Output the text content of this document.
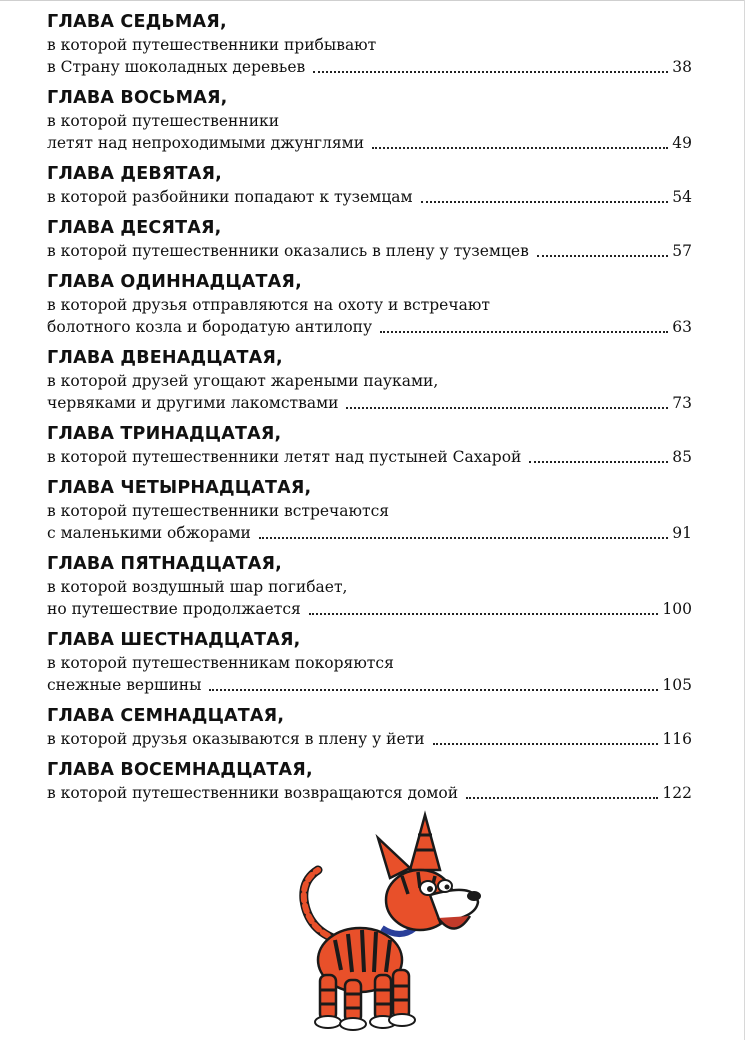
ГЛАВА СЕДЬМАЯ,
в которой путешественники прибывают
в Страну шоколадных деревьев	38
ГЛАВА ВОСЬМАЯ,
в которой путешественники
летят над непроходимыми джунглями	49
ГЛАВА ДЕВЯТАЯ,
в которой разбойники попадают к туземцам	54
ГЛАВА ДЕСЯТАЯ,
в которой путешественники оказались в плену у туземцев	57
ГЛАВА ОДИННАДЦАТАЯ,
в которой друзья отправляются на охоту и встречают
болотного козла и бородатую антилопу	63
ГЛАВА ДВЕНАДЦАТАЯ,
в которой друзей угощают жареными пауками,
червяками и другими лакомствами	73
ГЛАВА ТРИНАДЦАТАЯ,
в которой путешественники летят над пустыней Сахарой	85
ГЛАВА ЧЕТЫРНАДЦАТАЯ,
в которой путешественники встречаются
с маленькими обжорами	91
ГЛАВА ПЯТНАДЦАТАЯ,
в которой воздушный шар погибает,
но путешествие продолжается	100
ГЛАВА ШЕСТНАДЦАТАЯ,
в которой путешественникам покоряются
снежные вершины	105
ГЛАВА СЕМНАДЦАТАЯ,
в которой друзья оказываются в плену у йети	116
ГЛАВА ВОСЕМНАДЦАТАЯ,
в которой путешественники возвращаются домой	122
